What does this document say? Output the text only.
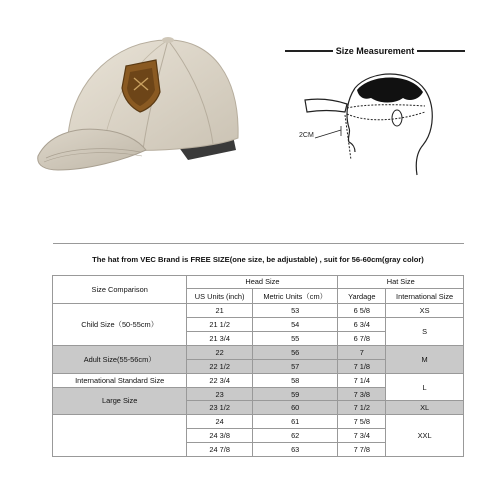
Size Measurement
2CM
The hat from VEC Brand is FREE SIZE(one size, be adjustable) , suit for 56-60cm(gray color)				
Size Comparison	Head Size		Hat Size	
	US Units (inch)	Metric Units（cm）	Yardage	International Size
Child Size（50-55cm）	21	53	6 5/8	XS
	21 1/2	54	6 3/4	S
	21 3/4	55	6 7/8	
Adult Size(55-56cm）	22	56	7	M
	22 1/2	57	7 1/8	
International Standard Size	22 3/4	58	7 1/4	L
Large Size	23	59	7 3/8	
	23 1/2	60	7 1/2	XL
	24	61	7 5/8	XXL
	24 3/8	62	7 3/4	
	24 7/8	63	7 7/8	
